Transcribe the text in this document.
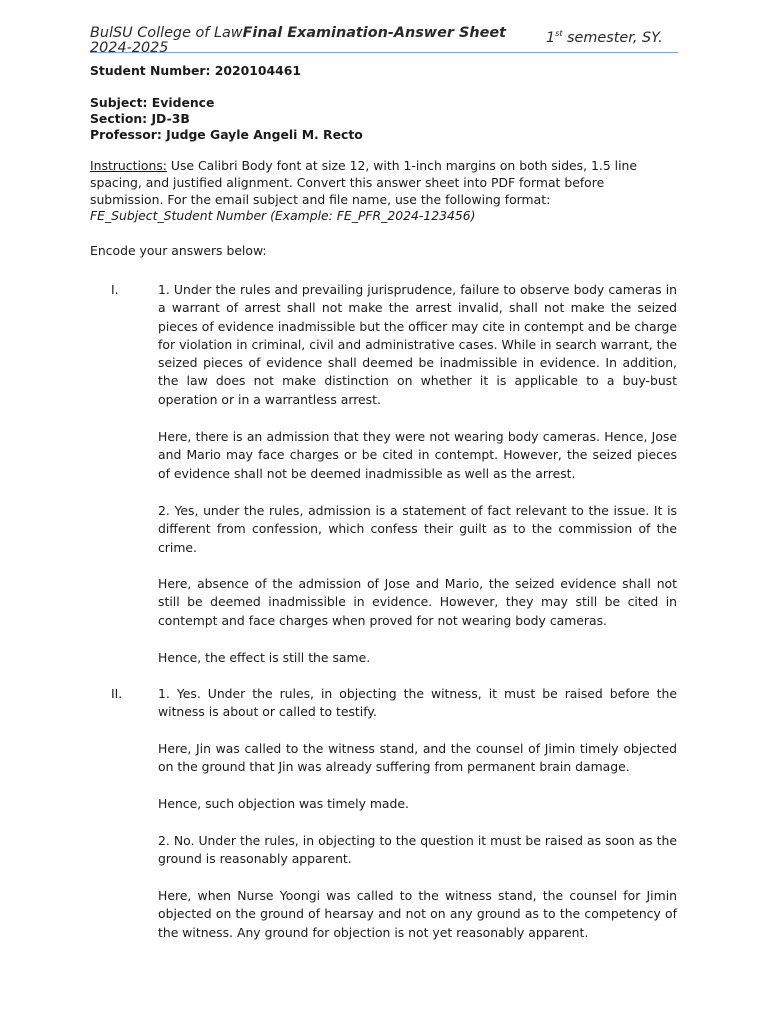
BulSU College of LawFinal Examination-Answer Sheet	1st semester, SY.
2024-2025
Student Number: 2020104461
Subject: Evidence
Section: JD-3B
Professor: Judge Gayle Angeli M. Recto
Instructions: Use Calibri Body font at size 12, with 1-inch margins on both sides, 1.5 line spacing, and justified alignment. Convert this answer sheet into PDF format before submission. For the email subject and file name, use the following format:
FE_Subject_Student Number (Example: FE_PFR_2024-123456)
Encode your answers below:
I.	1. Under the rules and prevailing jurisprudence, failure to observe body cameras in a warrant of arrest shall not make the arrest invalid, shall not make the seized pieces of evidence inadmissible but the officer may cite in contempt and be charge for violation in criminal, civil and administrative cases. While in search warrant, the seized pieces of evidence shall deemed be inadmissible in evidence. In addition, the law does not make distinction on whether it is applicable to a buy-bust operation or in a warrantless arrest.
Here, there is an admission that they were not wearing body cameras. Hence, Jose and Mario may face charges or be cited in contempt. However, the seized pieces of evidence shall not be deemed inadmissible as well as the arrest.
2. Yes, under the rules, admission is a statement of fact relevant to the issue. It is different from confession, which confess their guilt as to the commission of the crime.
Here, absence of the admission of Jose and Mario, the seized evidence shall not still be deemed inadmissible in evidence. However, they may still be cited in contempt and face charges when proved for not wearing body cameras.
Hence, the effect is still the same.
II.	1. Yes. Under the rules, in objecting the witness, it must be raised before the witness is about or called to testify.
Here, Jin was called to the witness stand, and the counsel of Jimin timely objected on the ground that Jin was already suffering from permanent brain damage.
Hence, such objection was timely made.
2. No. Under the rules, in objecting to the question it must be raised as soon as the ground is reasonably apparent.
Here, when Nurse Yoongi was called to the witness stand, the counsel for Jimin objected on the ground of hearsay and not on any ground as to the competency of the witness. Any ground for objection is not yet reasonably apparent.
